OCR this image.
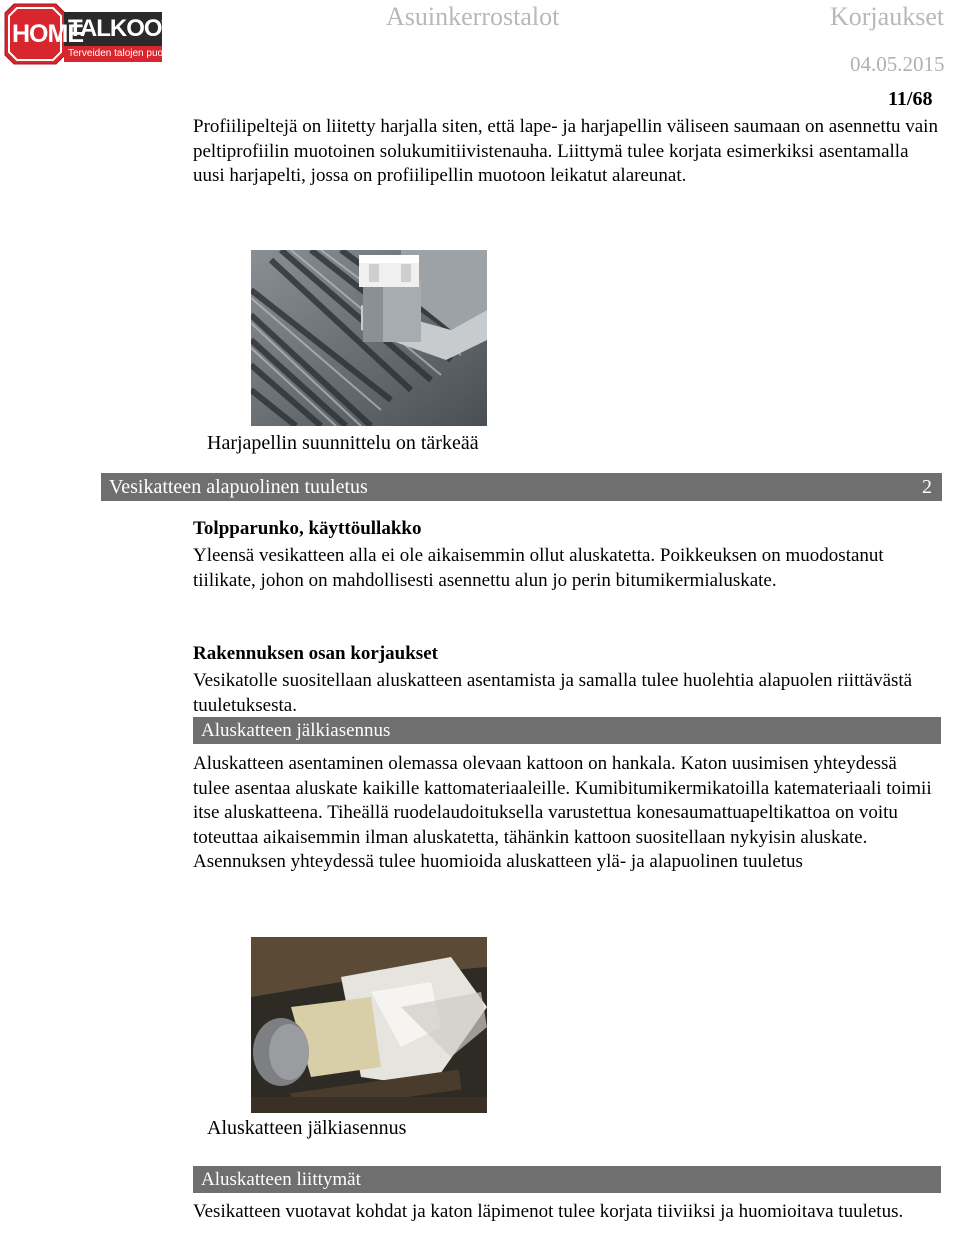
HOME
TALKOOT.FI
Terveiden talojen puolesta
Asuinkerrostalot	Korjaukset
04.05.2015
11/68
Profiilipeltejä on liitetty harjalla siten, että lape- ja harjapellin väliseen saumaan on asennettu vain peltiprofiilin muotoinen solukumitiivistenauha. Liittymä tulee korjata esimerkiksi asentamalla uusi harjapelti, jossa on profiilipellin muotoon leikatut alareunat.
Harjapellin suunnittelu on tärkeää
Vesikatteen alapuolinen tuuletus	2
Tolpparunko, käyttöullakko
Yleensä vesikatteen alla ei ole aikaisemmin ollut aluskatetta. Poikkeuksen on muodostanut tiilikate, johon on mahdollisesti asennettu alun jo perin bitumikermialuskate.
Rakennuksen osan korjaukset
Vesikatolle suositellaan aluskatteen asentamista ja samalla tulee huolehtia alapuolen riittävästä tuuletuksesta.
Aluskatteen jälkiasennus
Aluskatteen asentaminen olemassa olevaan kattoon on hankala. Katon uusimisen yhteydessä tulee asentaa aluskate kaikille kattomateriaaleille. Kumibitumikermikatoilla katemateriaali toimii itse aluskatteena. Tiheällä ruodelaudoituksella varustettua konesaumattuapeltikattoa on voitu toteuttaa aikaisemmin ilman aluskatetta, tähänkin kattoon suositellaan nykyisin aluskate. Asennuksen yhteydessä tulee huomioida aluskatteen ylä- ja alapuolinen tuuletus
Aluskatteen jälkiasennus
Aluskatteen liittymät
Vesikatteen vuotavat kohdat ja katon läpimenot tulee korjata tiiviiksi ja huomioitava tuuletus.
